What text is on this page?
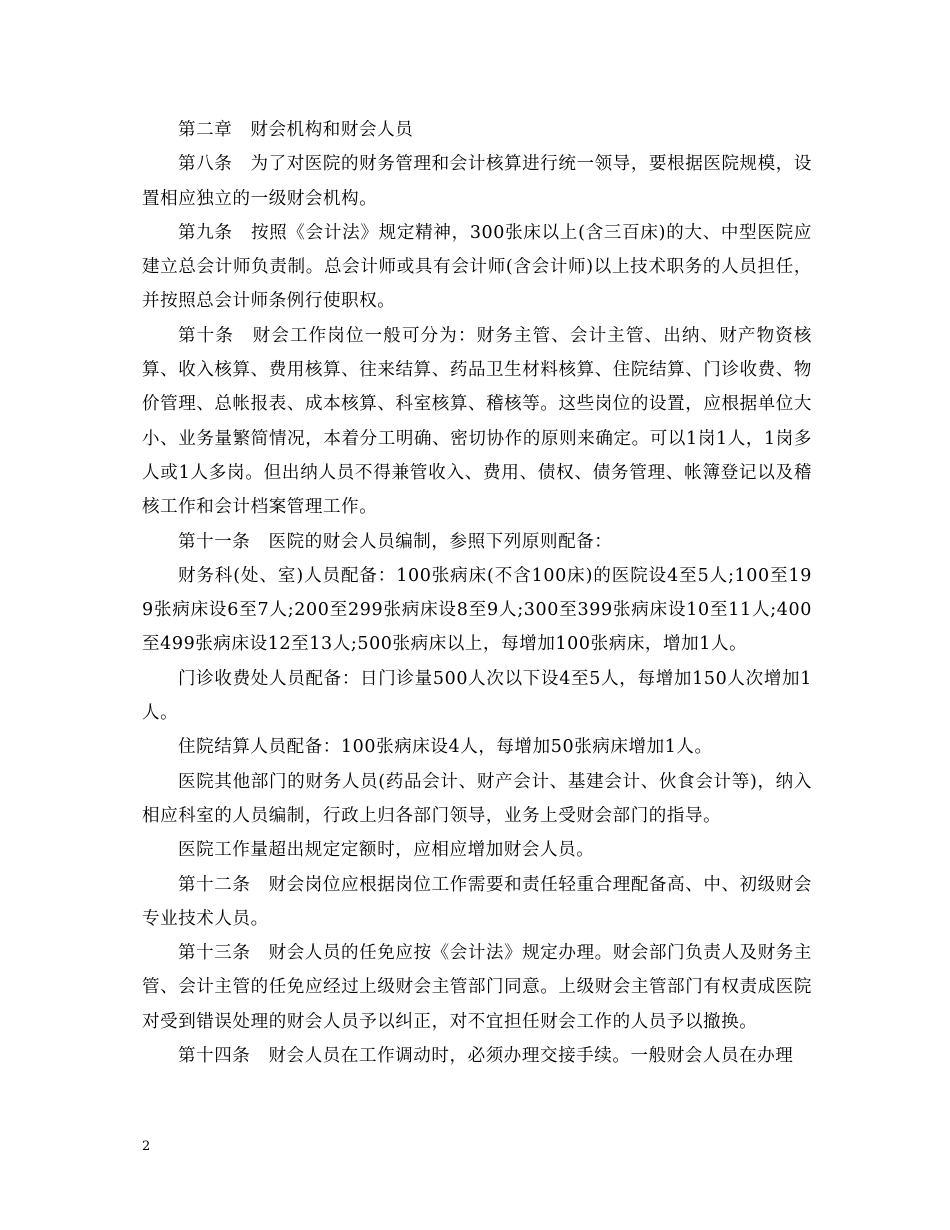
第二章　财会机构和财会人员

第八条　为了对医院的财务管理和会计核算进行统一领导，要根据医院规模，设置相应独立的一级财会机构。

第九条　按照《会计法》规定精神，300张床以上(含三百床)的大、中型医院应建立总会计师负责制。总会计师或具有会计师(含会计师)以上技术职务的人员担任，并按照总会计师条例行使职权。

第十条　财会工作岗位一般可分为：财务主管、会计主管、出纳、财产物资核算、收入核算、费用核算、往来结算、药品卫生材料核算、住院结算、门诊收费、物价管理、总帐报表、成本核算、科室核算、稽核等。这些岗位的设置，应根据单位大小、业务量繁简情况，本着分工明确、密切协作的原则来确定。可以1岗1人，1岗多人或1人多岗。但出纳人员不得兼管收入、费用、债权、债务管理、帐簿登记以及稽核工作和会计档案管理工作。

第十一条　医院的财会人员编制，参照下列原则配备：

财务科(处、室)人员配备：100张病床(不含100床)的医院设4至5人;100至199张病床设6至7人;200至299张病床设8至9人;300至399张病床设10至11人;400至499张病床设12至13人;500张病床以上，每增加100张病床，增加1人。

门诊收费处人员配备：日门诊量500人次以下设4至5人，每增加150人次增加1人。

住院结算人员配备：100张病床设4人，每增加50张病床增加1人。

医院其他部门的财务人员(药品会计、财产会计、基建会计、伙食会计等)，纳入相应科室的人员编制，行政上归各部门领导，业务上受财会部门的指导。

医院工作量超出规定定额时，应相应增加财会人员。

第十二条　财会岗位应根据岗位工作需要和责任轻重合理配备高、中、初级财会专业技术人员。

第十三条　财会人员的任免应按《会计法》规定办理。财会部门负责人及财务主管、会计主管的任免应经过上级财会主管部门同意。上级财会主管部门有权责成医院对受到错误处理的财会人员予以纠正，对不宜担任财会工作的人员予以撤换。

第十四条　财会人员在工作调动时，必须办理交接手续。一般财会人员在办理

2
